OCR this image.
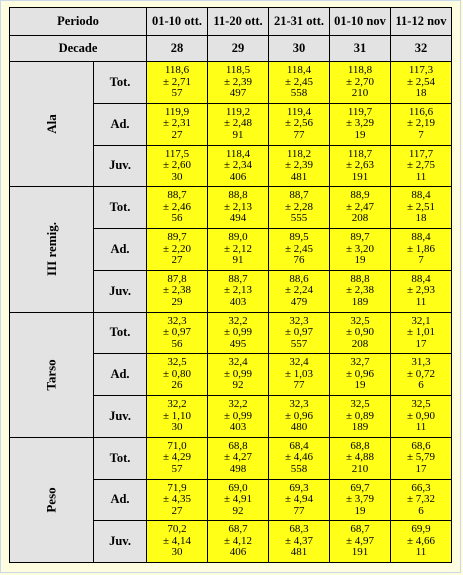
Periodo		01-10 ott.	11-20 ott.	21-31 ott.	01-10 nov	11-12 nov
Decade		28	29	30	31	32
Ala	Tot.	118,6
± 2,71
57	118,5
± 2,39
497	118,4
± 2,45
558	118,8
± 2,70
210	117,3
± 2,54
18

	Ad.	119,9
± 2,31
27	119,2
± 2,48
91	119,4
± 2,56
77	119,7
± 3,29
19	116,6
± 2,19
7

	Juv.	117,5
± 2,60
30	118,4
± 2,34
406	118,2
± 2,39
481	118,7
± 2,63
191	117,7
± 2,75
11

III remig.	Tot.	88,7
± 2,46
56	88,8
± 2,13
494	88,7
± 2,28
555	88,9
± 2,47
208	88,4
± 2,51
18

	Ad.	89,7
± 2,20
27	89,0
± 2,12
91	89,5
± 2,45
76	89,7
± 3,20
19	88,4
± 1,86
7

	Juv.	87,8
± 2,38
29	88,7
± 2,13
403	88,6
± 2,24
479	88,8
± 2,38
189	88,4
± 2,93
11

Tarso	Tot.	32,3
± 0,97
56	32,2
± 0,99
495	32,3
± 0,97
557	32,5
± 0,90
208	32,1
± 1,01
17

	Ad.	32,5
± 0,80
26	32,4
± 0,99
92	32,4
± 1,03
77	32,7
± 0,96
19	31,3
± 0,72
6

	Juv.	32,2
± 1,10
30	32,2
± 0,99
403	32,3
± 0,96
480	32,5
± 0,89
189	32,5
± 0,90
11

Peso	Tot.	71,0
± 4,29
57	68,8
± 4,27
498	68,4
± 4,46
558	68,8
± 4,88
210	68,6
± 5,79
17

	Ad.	71,9
± 4,35
27	69,0
± 4,91
92	69,3
± 4,94
77	69,7
± 3,79
19	66,3
± 7,32
6

	Juv.	70,2
± 4,14
30	68,7
± 4,12
406	68,3
± 4,37
481	68,7
± 4,97
191	69,9
± 4,66
11
